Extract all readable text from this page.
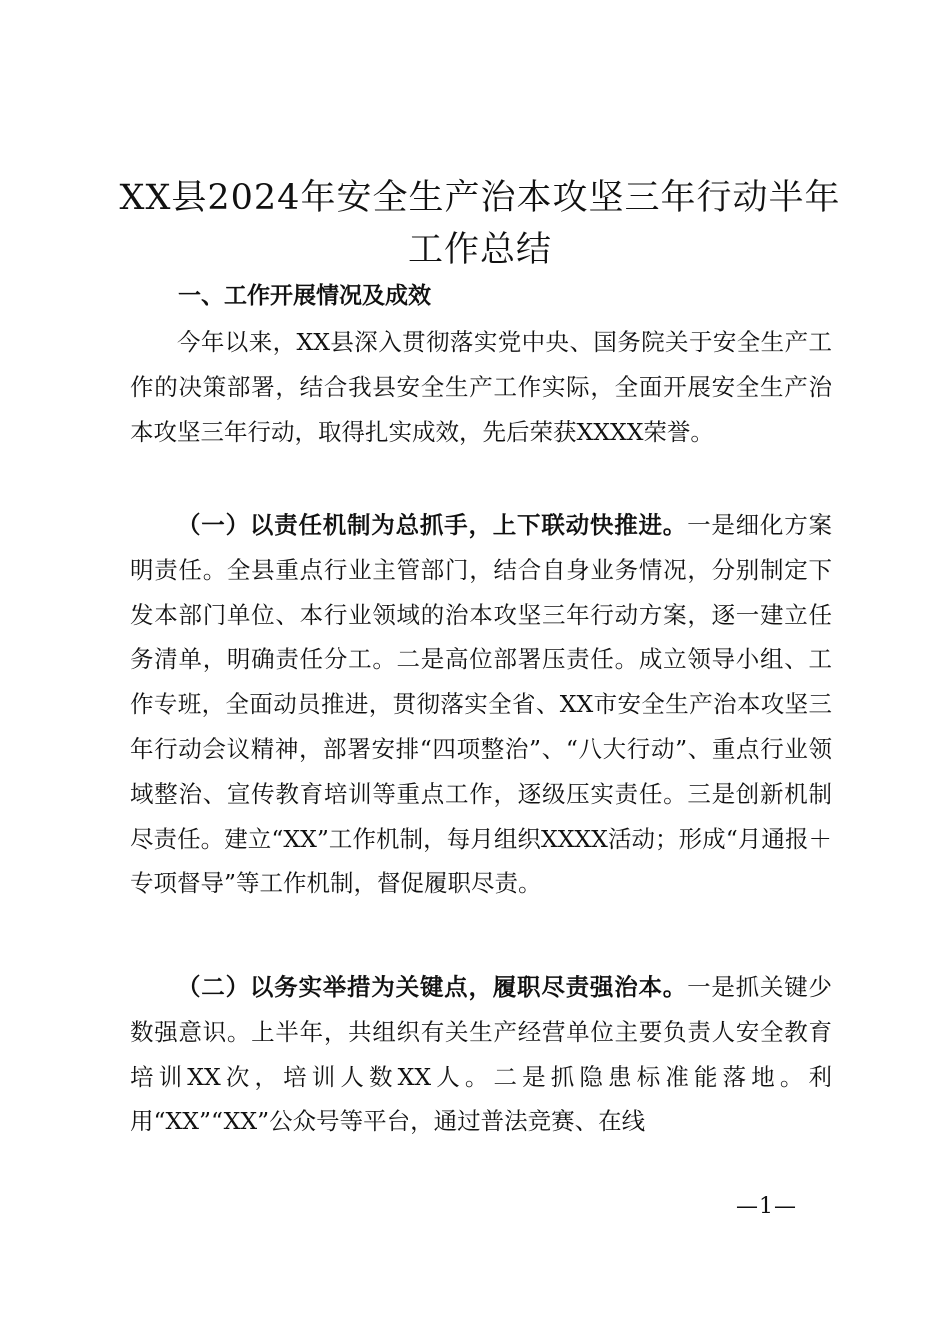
XX县2024年安全生产治本攻坚三年行动半年工作总结
一、工作开展情况及成效

今年以来，XX县深入贯彻落实党中央、国务院关于安全生产工作的决策部署，结合我县安全生产工作实际，全面开展安全生产治本攻坚三年行动，取得扎实成效，先后荣获XXXX荣誉。

（一）以责任机制为总抓手，上下联动快推进。一是细化方案明责任。全县重点行业主管部门，结合自身业务情况，分别制定下发本部门单位、本行业领域的治本攻坚三年行动方案，逐一建立任务清单，明确责任分工。二是高位部署压责任。成立领导小组、工作专班，全面动员推进，贯彻落实全省、XX市安全生产治本攻坚三年行动会议精神，部署安排“四项整治”、“八大行动”、重点行业领域整治、宣传教育培训等重点工作，逐级压实责任。三是创新机制尽责任。建立“XX”工作机制，每月组织XXXX活动；形成“月通报＋专项督导”等工作机制，督促履职尽责。

（二）以务实举措为关键点，履职尽责强治本。一是抓关键少数强意识。上半年，共组织有关生产经营单位主要负责人安全教育培训XX次，培训人数XX人。二是抓隐患标准能落地。利用“XX”“XX”公众号等平台，通过普法竞赛、在线

—1—
